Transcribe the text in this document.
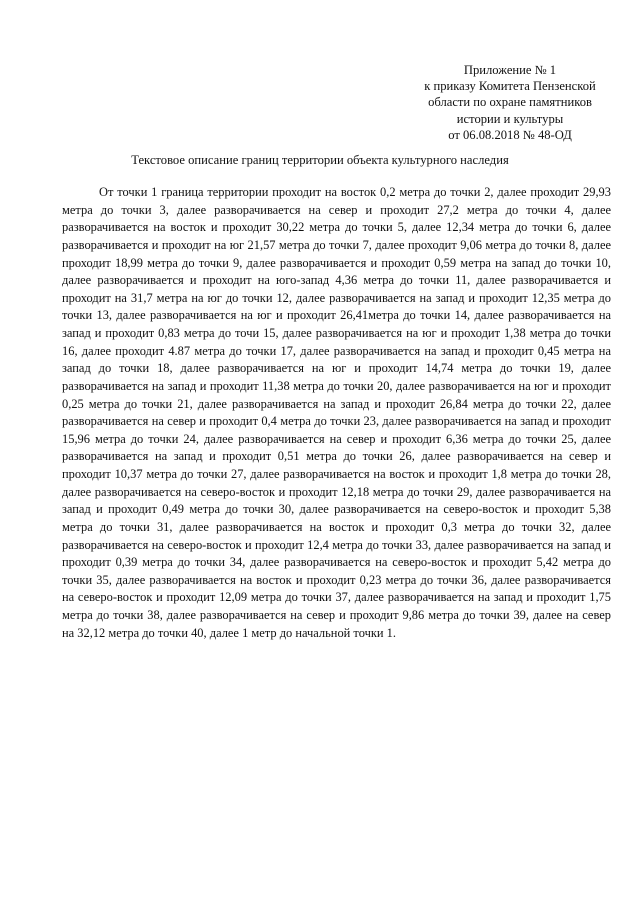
Приложение № 1
к приказу Комитета Пензенской
области по охране памятников
истории и культуры
от 06.08.2018 № 48-ОД
Текстовое описание границ территории объекта культурного наследия

От точки 1 граница территории проходит на восток 0,2 метра до точки 2, далее проходит 29,93 метра до точки 3, далее разворачивается на север и проходит 27,2 метра до точки 4, далее разворачивается на восток и проходит 30,22 метра до точки 5, далее 12,34 метра до точки 6, далее разворачивается и проходит на юг 21,57 метра до точки 7, далее проходит 9,06 метра до точки 8, далее проходит 18,99 метра до точки 9, далее разворачивается и проходит 0,59 метра на запад до точки 10, далее разворачивается и проходит на юго-запад 4,36 метра до точки 11, далее разворачивается и проходит на 31,7 метра на юг до точки 12, далее разворачивается на запад и проходит 12,35 метра до точки 13, далее разворачивается на юг и проходит 26,41метра до точки 14, далее разворачивается на запад и проходит 0,83 метра до точи 15, далее разворачивается на юг и проходит 1,38 метра до точки 16, далее проходит 4.87 метра до точки 17, далее разворачивается на запад и проходит 0,45 метра на запад до точки 18, далее разворачивается на юг и проходит 14,74 метра до точки 19, далее разворачивается на запад и проходит 11,38 метра до точки 20, далее разворачивается на юг и проходит 0,25 метра до точки 21, далее разворачивается на запад и проходит 26,84 метра до точки 22, далее разворачивается на север и проходит 0,4 метра до точки 23, далее разворачивается на запад и проходит 15,96 метра до точки 24, далее разворачивается на север и проходит 6,36 метра до точки 25, далее разворачивается на запад и проходит 0,51 метра до точки 26, далее разворачивается на север и проходит 10,37 метра до точки 27, далее разворачивается на восток и проходит 1,8 метра до точки 28, далее разворачивается на северо-восток и проходит 12,18 метра до точки 29, далее разворачивается на запад и проходит 0,49 метра до точки 30, далее разворачивается на северо-восток и проходит 5,38 метра до точки 31, далее разворачивается на восток и проходит 0,3 метра до точки 32, далее разворачивается на северо-восток и проходит 12,4 метра до точки 33, далее разворачивается на запад и проходит 0,39 метра до точки 34, далее разворачивается на северо-восток и проходит 5,42 метра до точки 35, далее разворачивается на восток и проходит 0,23 метра до точки 36, далее разворачивается на северо-восток и проходит 12,09 метра до точки 37, далее разворачивается на запад и проходит 1,75 метра до точки 38, далее разворачивается на север и проходит 9,86 метра до точки 39, далее на север на 32,12 метра до точки 40, далее 1 метр до начальной точки 1.
